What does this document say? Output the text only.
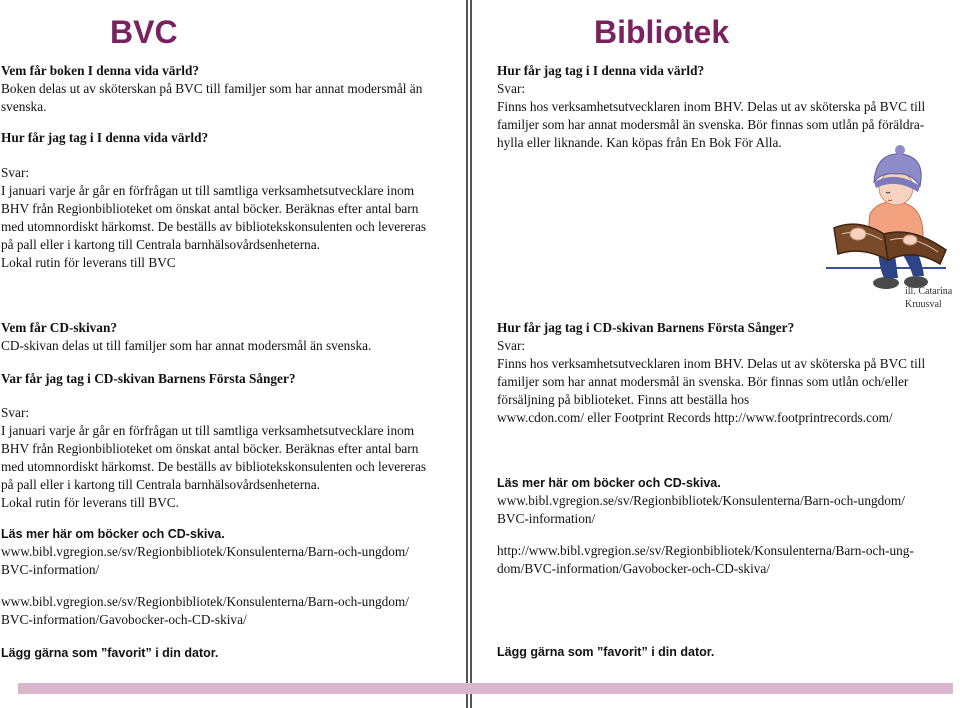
BVC	Bibliotek

Vem får boken I denna vida värld?

Boken delas ut av sköterskan på BVC till familjer som har annat modersmål än svenska.

Hur får jag tag i I denna vida värld?

Svar:

I januari varje år går en förfrågan ut till samtliga verksamhetsutvecklare inom

BHV från Regionbiblioteket om önskat antal böcker. Beräknas efter antal barn

med utomnordiskt härkomst. De beställs av bibliotekskonsulenten och levereras

på pall eller i kartong till Centrala barnhälsovårdsenheterna.

Lokal rutin för leverans till BVC

Vem får CD-skivan?

CD-skivan delas ut till familjer som har annat modersmål än svenska.

Var får jag tag i CD-skivan Barnens Första Sånger?

Svar:

I januari varje år går en förfrågan ut till samtliga verksamhetsutvecklare inom

BHV från Regionbiblioteket om önskat antal böcker. Beräknas efter antal barn

med utomnordiskt härkomst. De beställs av bibliotekskonsulenten och levereras

på pall eller i kartong till Centrala barnhälsovårdsenheterna.

Lokal rutin för leverans till BVC.

Läs mer här om böcker och CD-skiva.

www.bibl.vgregion.se/sv/Regionbibliotek/Konsulenterna/Barn-och-ungdom/

BVC-information/

www.bibl.vgregion.se/sv/Regionbibliotek/Konsulenterna/Barn-och-ungdom/

BVC-information/Gavobocker-och-CD-skiva/

Lägg gärna som ”favorit” i din dator.

Hur får jag tag i I denna vida värld?

Svar:

Finns hos verksamhetsutvecklaren inom BHV. Delas ut av sköterska på BVC till

familjer som har annat modersmål än svenska. Bör finnas som utlån på föräldra-

hylla eller liknande. Kan köpas från En Bok För Alla.

ill. Catarina Kruusval

Hur får jag tag i CD-skivan Barnens Första Sånger?

Svar:

Finns hos verksamhetsutvecklaren inom BHV. Delas ut av sköterska på BVC till

familjer som har annat modersmål än svenska. Bör finnas som utlån och/eller

försäljning på biblioteket. Finns att beställa hos

www.cdon.com/ eller Footprint Records http://www.footprintrecords.com/

Läs mer här om böcker och CD-skiva.

www.bibl.vgregion.se/sv/Regionbibliotek/Konsulenterna/Barn-och-ungdom/

BVC-information/

http://www.bibl.vgregion.se/sv/Regionbibliotek/Konsulenterna/Barn-och-ung-

dom/BVC-information/Gavobocker-och-CD-skiva/

Lägg gärna som ”favorit” i din dator.
